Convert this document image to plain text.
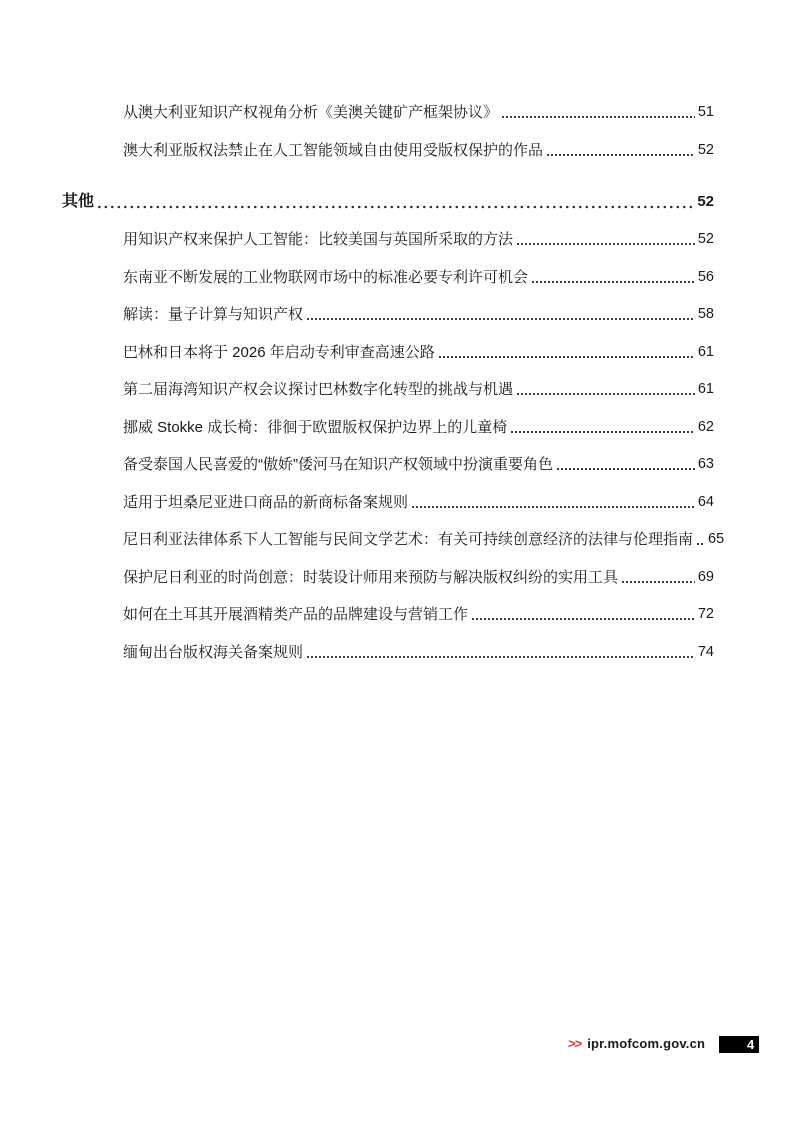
从澳大利亚知识产权视角分析《美澳关键矿产框架协议》	51
澳大利亚版权法禁止在人工智能领域自由使用受版权保护的作品	52
其他	52
用知识产权来保护人工智能：比较美国与英国所采取的方法	52
东南亚不断发展的工业物联网市场中的标准必要专利许可机会	56
解读：量子计算与知识产权	58
巴林和日本将于 2026 年启动专利审查高速公路	61
第二届海湾知识产权会议探讨巴林数字化转型的挑战与机遇	61
挪威 Stokke 成长椅：徘徊于欧盟版权保护边界上的儿童椅	62
备受泰国人民喜爱的“傲娇”倭河马在知识产权领域中扮演重要角色	63
适用于坦桑尼亚进口商品的新商标备案规则	64
尼日利亚法律体系下人工智能与民间文学艺术：有关可持续创意经济的法律与伦理指南 65
保护尼日利亚的时尚创意：时装设计师用来预防与解决版权纠纷的实用工具	69
如何在土耳其开展酒精类产品的品牌建设与营销工作	72
缅甸出台版权海关备案规则	74
>> ipr.mofcom.gov.cn	4
